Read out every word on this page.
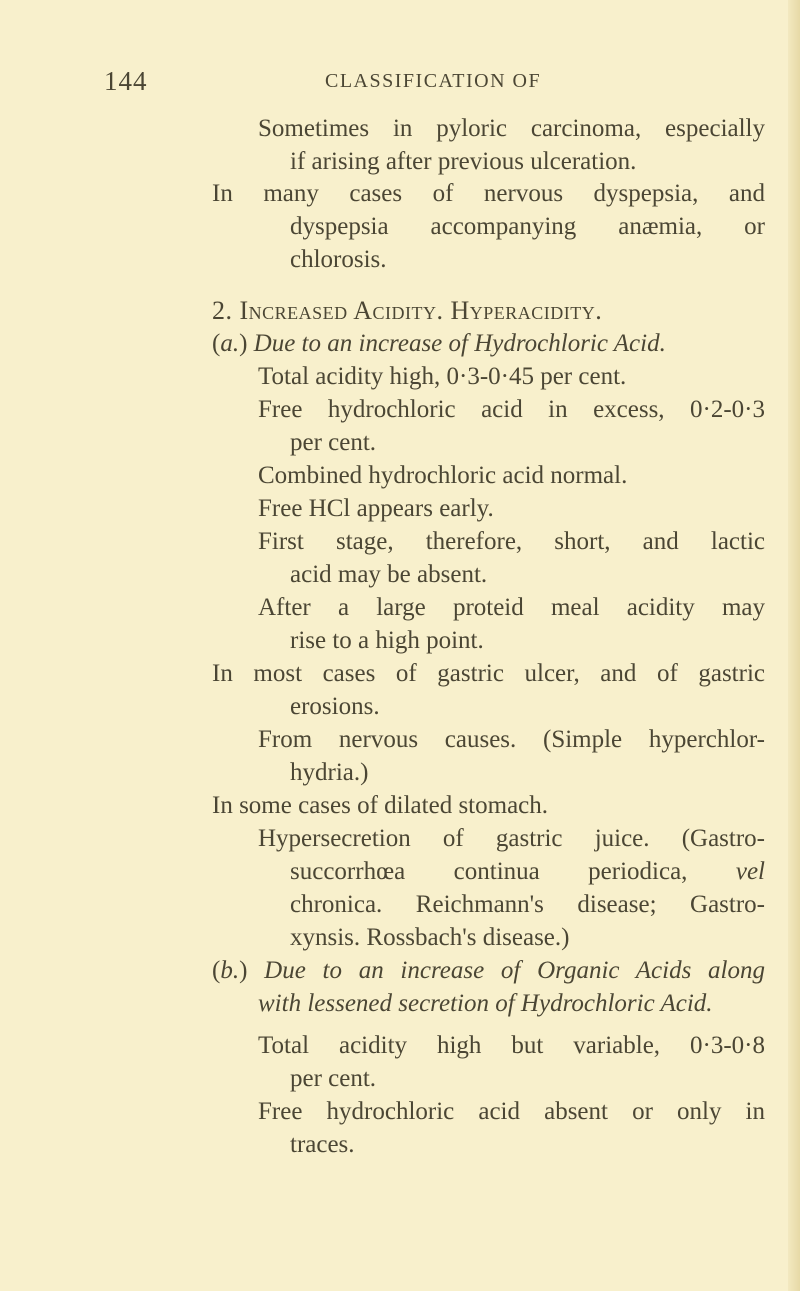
144	CLASSIFICATION OF
Sometimes in pyloric carcinoma, especially
if arising after previous ulceration.
In many cases of nervous dyspepsia, and
dyspepsia accompanying anæmia, or
chlorosis.
2. Increased Acidity. Hyperacidity.
(a.) Due to an increase of Hydrochloric Acid.
Total acidity high, 0·3-0·45 per cent.
Free hydrochloric acid in excess, 0·2-0·3
per cent.
Combined hydrochloric acid normal.
Free HCl appears early.
First stage, therefore, short, and lactic
acid may be absent.
After a large proteid meal acidity may
rise to a high point.
In most cases of gastric ulcer, and of gastric
erosions.
From nervous causes. (Simple hyperchlor-
hydria.)
In some cases of dilated stomach.
Hypersecretion of gastric juice. (Gastro-
succorrhœa continua periodica, vel
chronica. Reichmann's disease; Gastro-
xynsis. Rossbach's disease.)
(b.) Due to an increase of Organic Acids along
with lessened secretion of Hydrochloric Acid.
Total acidity high but variable, 0·3-0·8
per cent.
Free hydrochloric acid absent or only in
traces.
